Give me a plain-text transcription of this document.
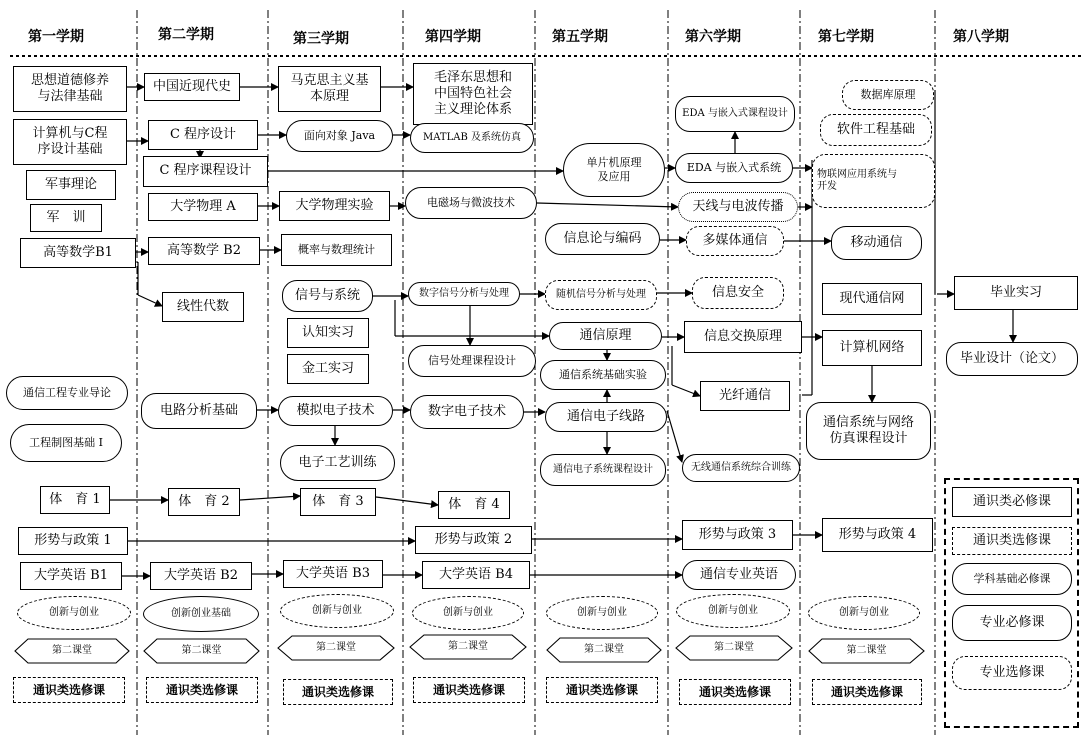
第一学期	第二学期	第三学期	第四学期	第五学期	第六学期	第七学期	第八学期
思想道德修养
与法律基础
计算机与C程
序设计基础
军事理论
军　训
高等数学B1
通信工程专业导论
工程制图基础 I
体　育 1
形势与政策 1
大学英语 B1
创新与创业
第二课堂
通识类选修课
中国近现代史
C 程序设计
C 程序课程设计
大学物理 A
高等数学 B2
线性代数
电路分析基础
体　育 2
大学英语 B2
创新创业基础
第二课堂
通识类选修课
马克思主义基
本原理
面向对象 Java
大学物理实验
概率与数理统计
信号与系统
认知实习
金工实习
模拟电子技术
电子工艺训练
体　育 3
大学英语 B3
创新与创业
第二课堂
通识类选修课
毛泽东思想和
中国特色社会
主义理论体系
MATLAB 及系统仿真
电磁场与微波技术
数字信号分析与处理
信号处理课程设计
数字电子技术
体　育 4
形势与政策 2
大学英语 B4
创新与创业
第二课堂
通识类选修课
单片机原理
及应用
信息论与编码
随机信号分析与处理
通信原理
通信系统基础实验
通信电子线路
通信电子系统课程设计
创新与创业
第二课堂
通识类选修课
EDA 与嵌入式课程设计
EDA 与嵌入式系统
天线与电波传播
多媒体通信
信息安全
信息交换原理
光纤通信
无线通信系统综合训练
形势与政策 3
通信专业英语
创新与创业
第二课堂
通识类选修课
数据库原理
软件工程基础
物联网应用系统与
开发
移动通信
现代通信网
计算机网络
通信系统与网络
仿真课程设计
形势与政策 4
创新与创业
第二课堂
通识类选修课
毕业实习
毕业设计（论文）
通识类必修课
通识类选修课
学科基础必修课
专业必修课
专业选修课
